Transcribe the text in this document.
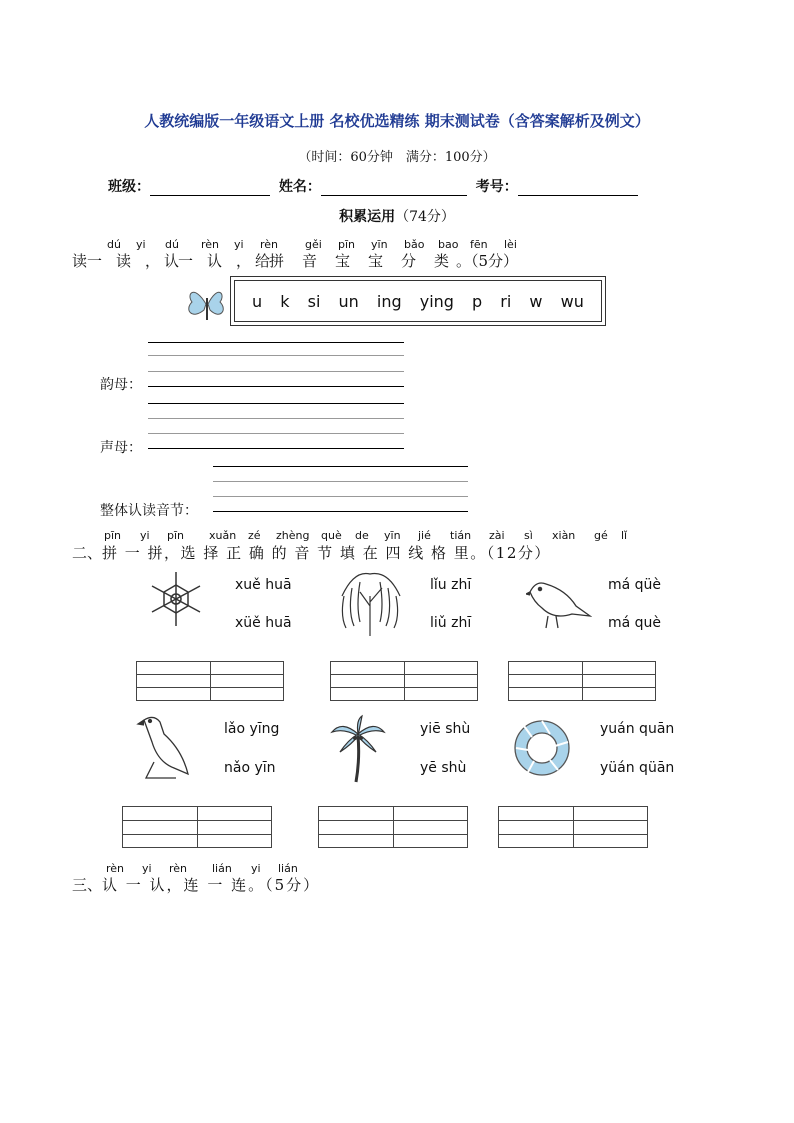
人教统编版一年级语文上册 名校优选精练 期末测试卷（含答案解析及例文）
（时间：60分钟　满分：100分）
班级：	姓名：	考号：
积累运用（74分）
dú yi dú rèn yi rèn gěi pīn yīn bǎo bao fēn lèi
读一 读 ， 认一 认 ， 给拼 音 宝 宝 分 类 。（5分）
u k si un ing ying p ri w wu
韵母：
声母：
整体认读音节：
pīn yi pīn xuǎn zé zhèng què de yīn jié tián zài sì xiàn gé lǐ
二、拼 一 拼，选 择 正 确 的 音 节 填 在 四 线 格 里。（12分）
xuě huā
xüě huā
lǐu zhī
liǔ zhī
má qüè
má què
lǎo yīng
nǎo yīn
yiē shù
yē shù
yuán quān
yüán qüān
rèn yi rèn lián yi lián
三、认 一 认，连 一 连。（5分）
